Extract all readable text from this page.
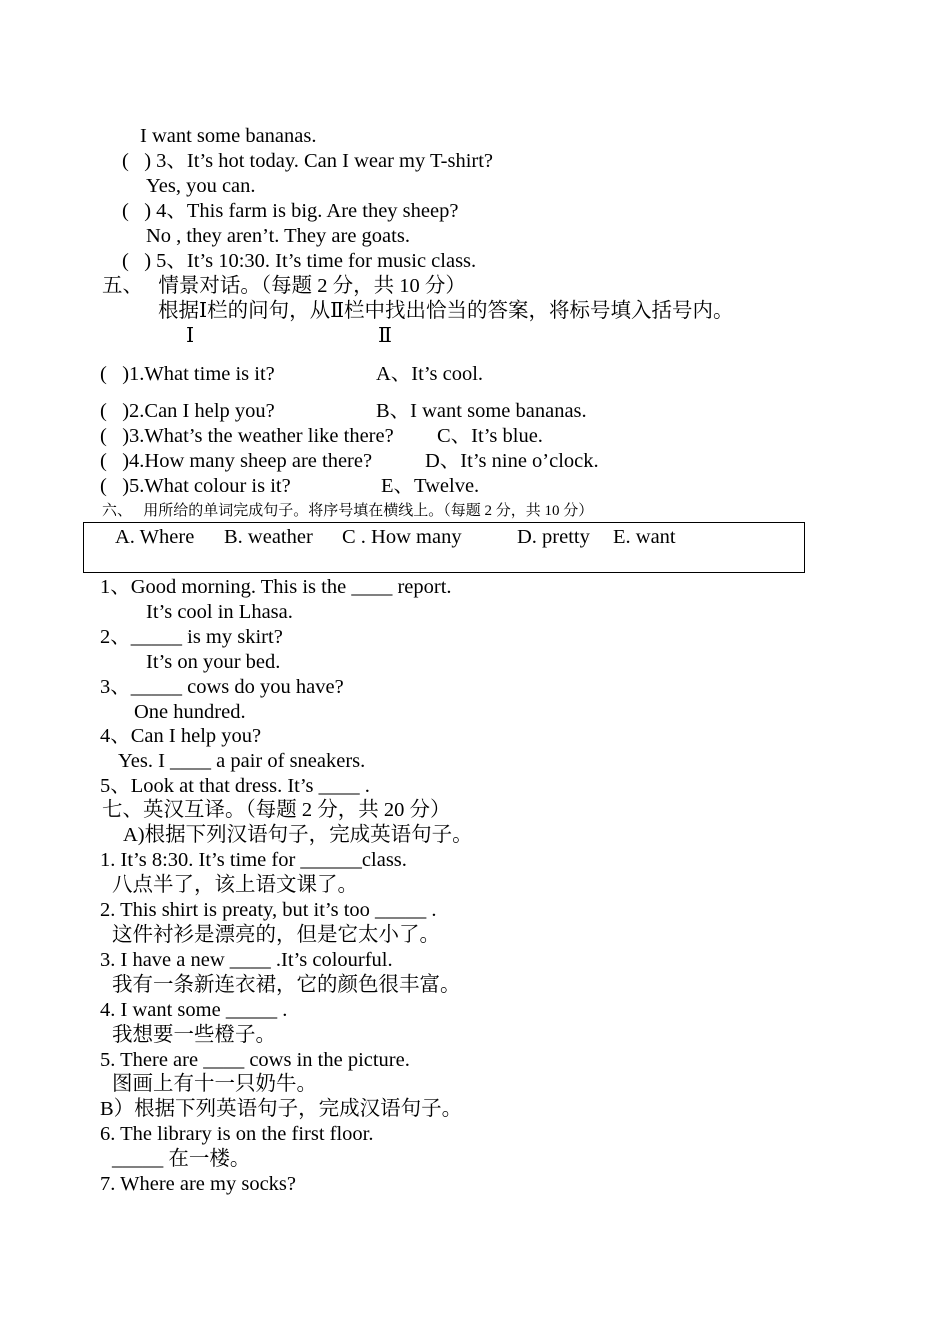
I want some bananas.
(   ) 3、It’s hot today. Can I wear my T-shirt?
Yes, you can.
(   ) 4、This farm is big. Are they sheep?
No , they aren’t. They are goats.
(   ) 5、It’s 10:30. It’s time for music class.
五、   情景对话。（每题 2 分，共 10 分）
根据Ⅰ栏的问句，从Ⅱ栏中找出恰当的答案，将标号填入括号内。
Ⅰ	Ⅱ
(   )1.What time is it?	A、It’s cool.
(   )2.Can I help you?	B、I want some bananas.
(   )3.What’s the weather like there? C、It’s blue.
(   )4.How many sheep are there?	D、It’s nine o’clock.
(   )5.What colour is it?	E、Twelve.
六、   用所给的单词完成句子。将序号填在横线上。（每题 2 分，共 10 分）
A. Where B. weather C . How many	D. pretty E. want
1、Good morning. This is the ____ report.
It’s cool in Lhasa.
2、_____ is my skirt?
It’s on your bed.
3、_____ cows do you have?
One hundred.
4、Can I help you?
Yes. I ____ a pair of sneakers.
5、Look at that dress. It’s ____ .
七、英汉互译。（每题 2 分，共 20 分）
A)根据下列汉语句子，完成英语句子。
1. It’s 8:30. It’s time for ______class.
八点半了，该上语文课了。
2. This shirt is preaty, but it’s too _____ .
这件衬衫是漂亮的，但是它太小了。
3. I have a new ____ .It’s colourful.
我有一条新连衣裙，它的颜色很丰富。
4. I want some _____ .
我想要一些橙子。
5. There are ____ cows in the picture.
图画上有十一只奶牛。
B）根据下列英语句子，完成汉语句子。
6. The library is on the first floor.
_____ 在一楼。
7. Where are my socks?
